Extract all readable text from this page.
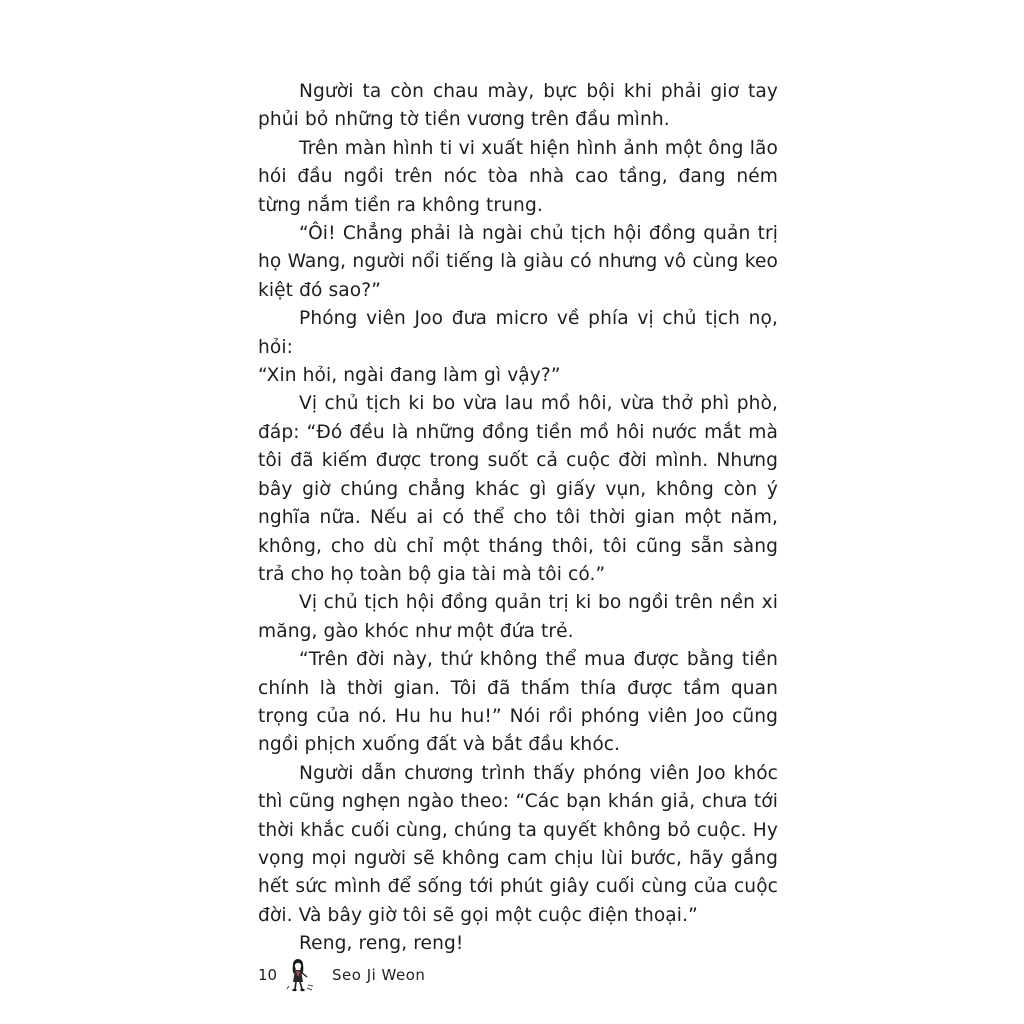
Người ta còn chau mày, bực bội khi phải giơ tay phủi bỏ những tờ tiền vương trên đầu mình.

Trên màn hình ti vi xuất hiện hình ảnh một ông lão hói đầu ngồi trên nóc tòa nhà cao tầng, đang ném từng nắm tiền ra không trung.

“Ôi! Chẳng phải là ngài chủ tịch hội đồng quản trị họ Wang, người nổi tiếng là giàu có nhưng vô cùng keo kiệt đó sao?”

Phóng viên Joo đưa micro về phía vị chủ tịch nọ, hỏi:

“Xin hỏi, ngài đang làm gì vậy?”

Vị chủ tịch ki bo vừa lau mồ hôi, vừa thở phì phò, đáp: “Đó đều là những đồng tiền mồ hôi nước mắt mà tôi đã kiếm được trong suốt cả cuộc đời mình. Nhưng bây giờ chúng chẳng khác gì giấy vụn, không còn ý nghĩa nữa. Nếu ai có thể cho tôi thời gian một năm, không, cho dù chỉ một tháng thôi, tôi cũng sẵn sàng trả cho họ toàn bộ gia tài mà tôi có.”

Vị chủ tịch hội đồng quản trị ki bo ngồi trên nền xi măng, gào khóc như một đứa trẻ.

“Trên đời này, thứ không thể mua được bằng tiền chính là thời gian. Tôi đã thấm thía được tầm quan trọng của nó. Hu hu hu!” Nói rồi phóng viên Joo cũng ngồi phịch xuống đất và bắt đầu khóc.

Người dẫn chương trình thấy phóng viên Joo khóc thì cũng nghẹn ngào theo: “Các bạn khán giả, chưa tới thời khắc cuối cùng, chúng ta quyết không bỏ cuộc. Hy vọng mọi người sẽ không cam chịu lùi bước, hãy gắng hết sức mình để sống tới phút giây cuối cùng của cuộc đời. Và bây giờ tôi sẽ gọi một cuộc điện thoại.”

Reng, reng, reng!

10	Seo Ji Weon
